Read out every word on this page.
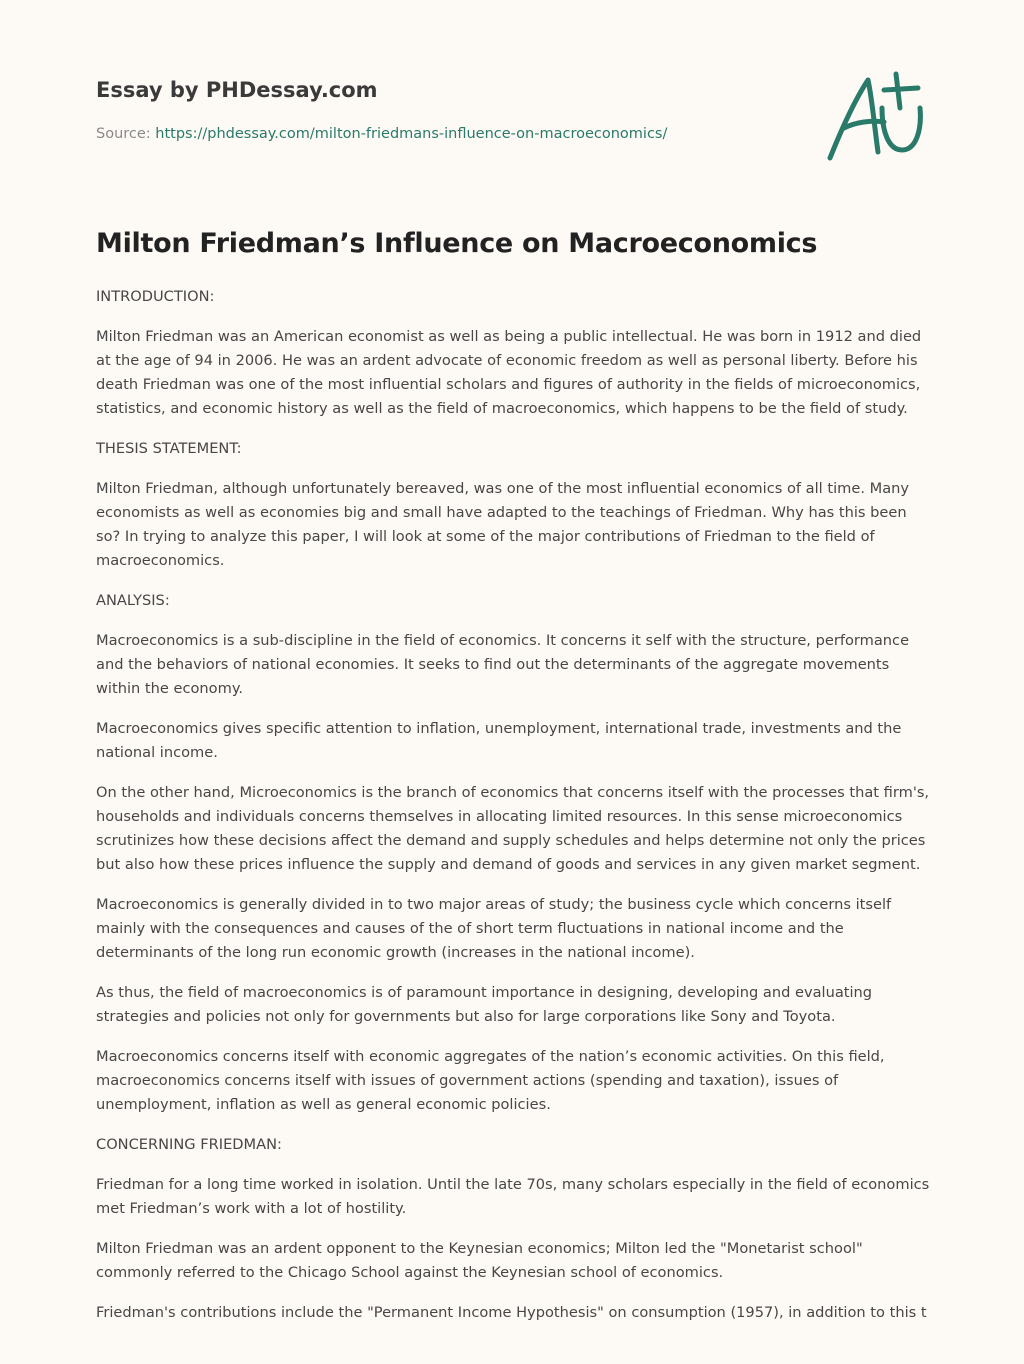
Essay by PHDessay.com
Source: https://phdessay.com/milton-friedmans-influence-on-macroeconomics/
Milton Friedman’s Influence on Macroeconomics

INTRODUCTION:

Milton Friedman was an American economist as well as being a public intellectual. He was born in 1912 and died at the age of 94 in 2006. He was an ardent advocate of economic freedom as well as personal liberty. Before his death Friedman was one of the most influential scholars and figures of authority in the fields of microeconomics, statistics, and economic history as well as the field of macroeconomics, which happens to be the field of study.

THESIS STATEMENT:

Milton Friedman, although unfortunately bereaved, was one of the most influential economics of all time. Many economists as well as economies big and small have adapted to the teachings of Friedman. Why has this been so? In trying to analyze this paper, I will look at some of the major contributions of Friedman to the field of macroeconomics.

ANALYSIS:

Macroeconomics is a sub-discipline in the field of economics. It concerns it self with the structure, performance and the behaviors of national economies. It seeks to find out the determinants of the aggregate movements within the economy.

Macroeconomics gives specific attention to inflation, unemployment, international trade, investments and the national income.

On the other hand, Microeconomics is the branch of economics that concerns itself with the processes that firm's, households and individuals concerns themselves in allocating limited resources. In this sense microeconomics scrutinizes how these decisions affect the demand and supply schedules and helps determine not only the prices but also how these prices influence the supply and demand of goods and services in any given market segment.

Macroeconomics is generally divided in to two major areas of study; the business cycle which concerns itself mainly with the consequences and causes of the of short term fluctuations in national income and the determinants of the long run economic growth (increases in the national income).

As thus, the field of macroeconomics is of paramount importance in designing, developing and evaluating strategies and policies not only for governments but also for large corporations like Sony and Toyota.

Macroeconomics concerns itself with economic aggregates of the nation’s economic activities. On this field, macroeconomics concerns itself with issues of government actions (spending and taxation), issues of unemployment, inflation as well as general economic policies.

CONCERNING FRIEDMAN:

Friedman for a long time worked in isolation. Until the late 70s, many scholars especially in the field of economics met Friedman’s work with a lot of hostility.

Milton Friedman was an ardent opponent to the Keynesian economics; Milton led the "Monetarist school" commonly referred to the Chicago School against the Keynesian school of economics.

Friedman's contributions include the "Permanent Income Hypothesis" on consumption (1957), in addition to this t
